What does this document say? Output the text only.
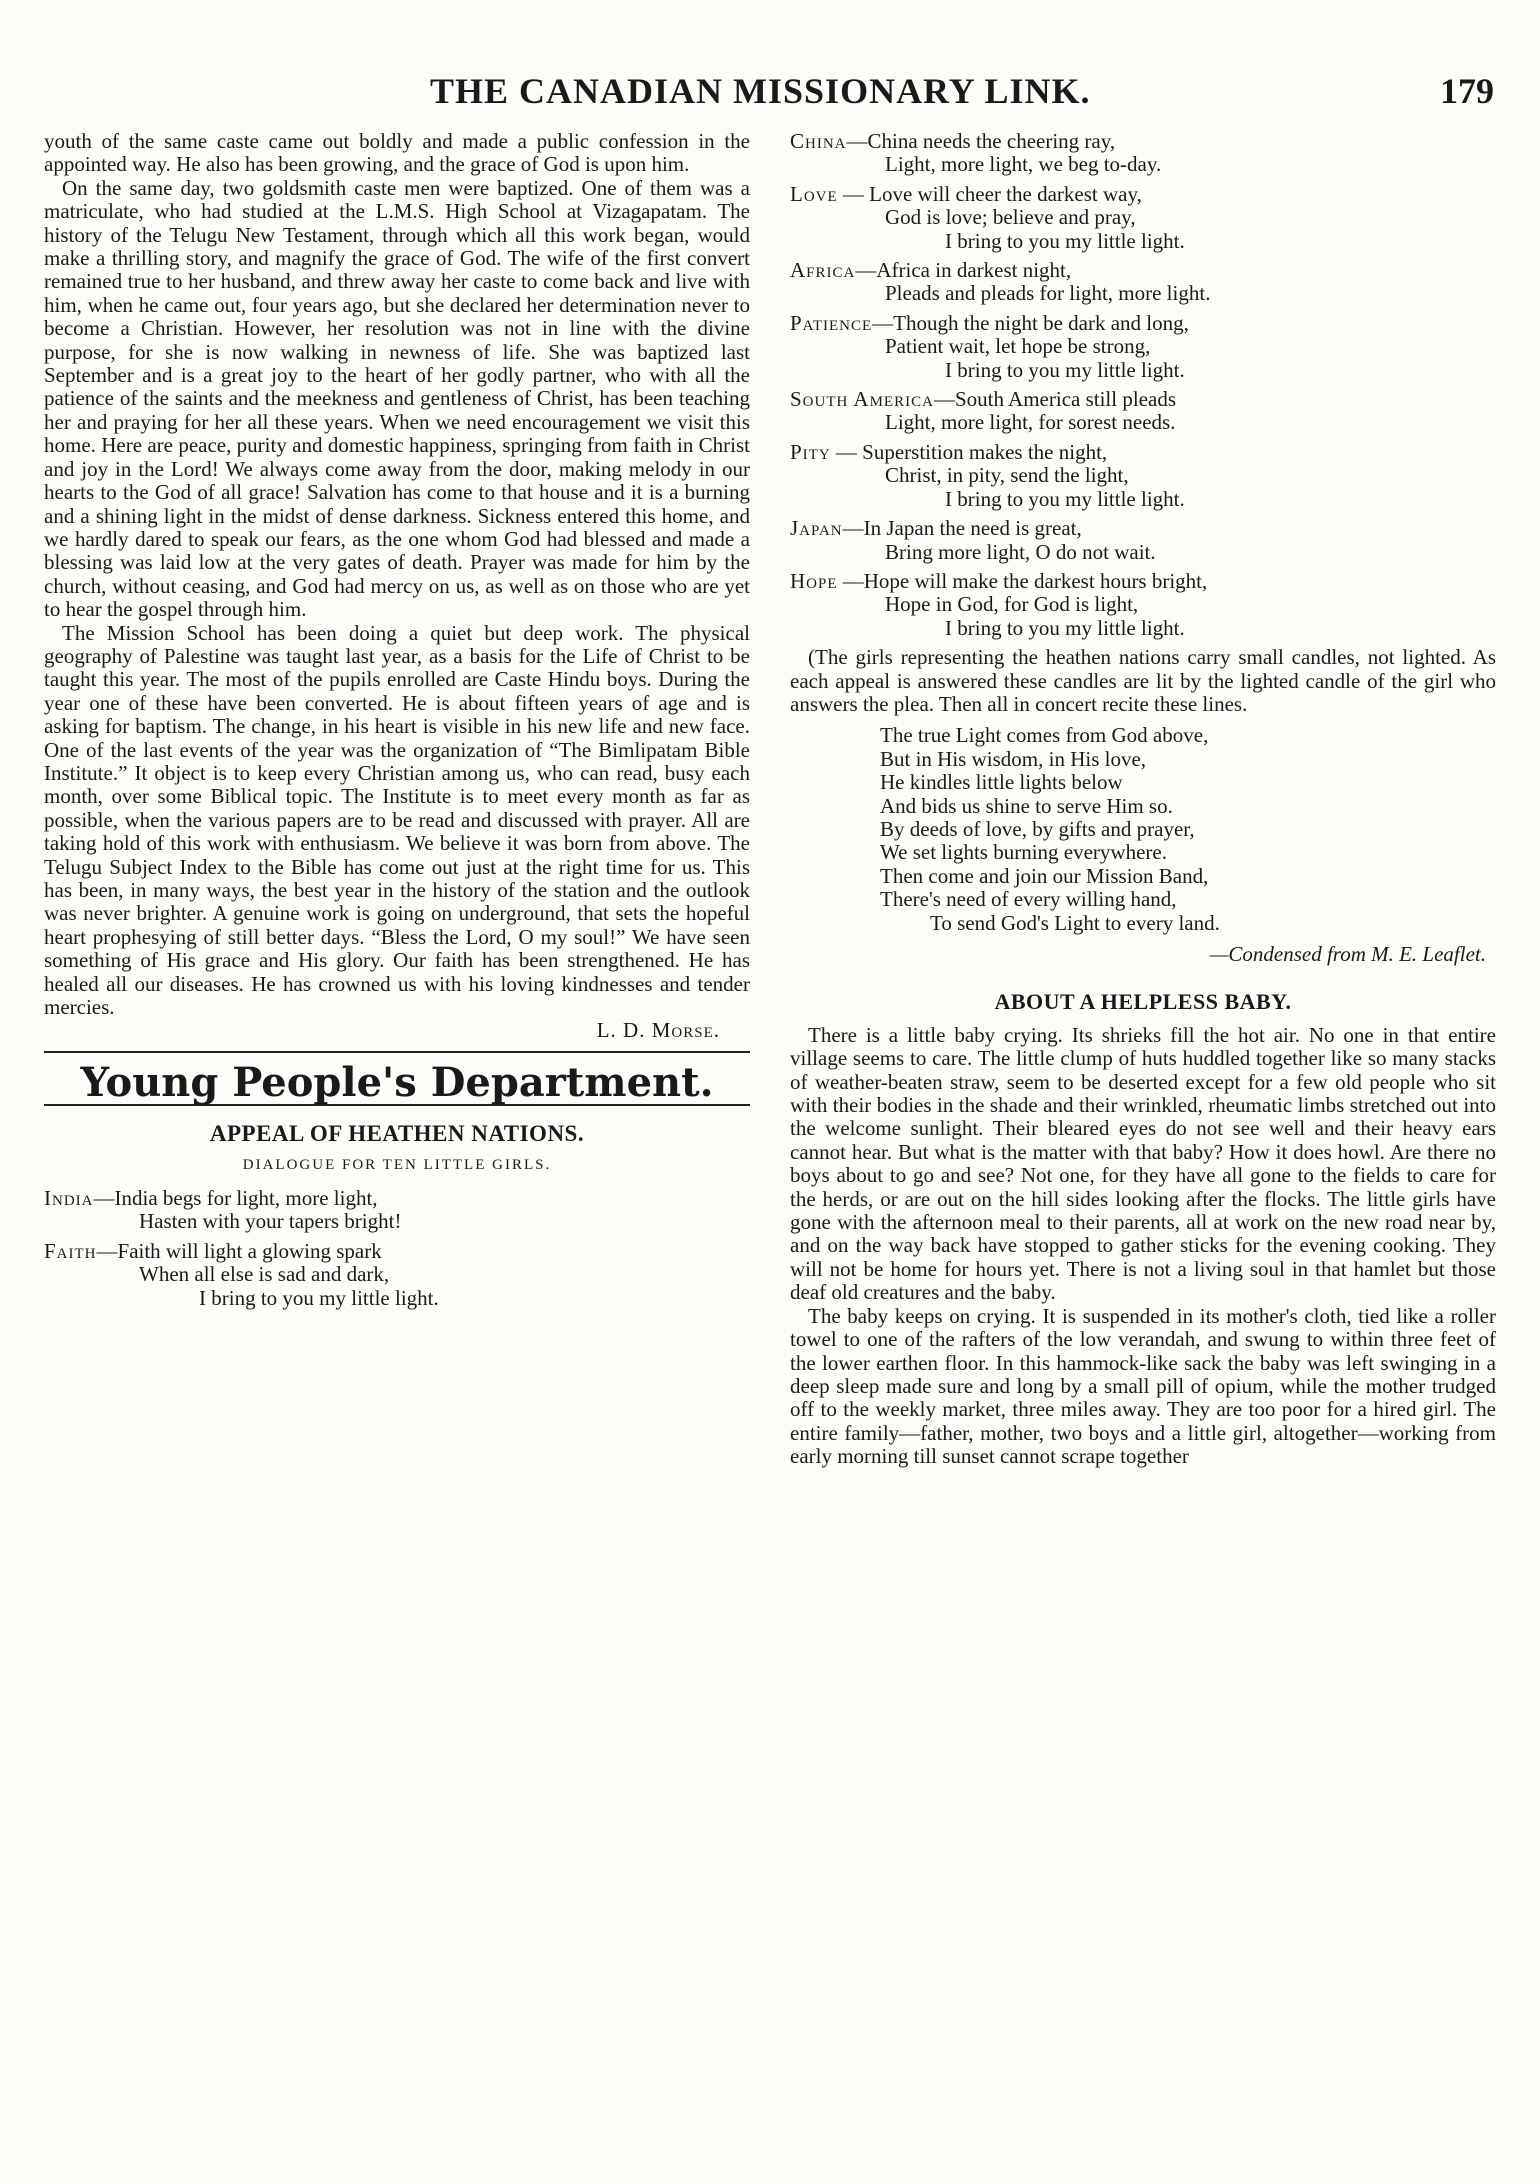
THE CANADIAN MISSIONARY LINK.	179

youth of the same caste came out boldly and made a public confession in the appointed way. He also has been growing, and the grace of God is upon him.

On the same day, two goldsmith caste men were baptized. One of them was a matriculate, who had studied at the L.M.S. High School at Vizagapatam. The history of the Telugu New Testament, through which all this work began, would make a thrilling story, and magnify the grace of God. The wife of the first convert remained true to her husband, and threw away her caste to come back and live with him, when he came out, four years ago, but she declared her determination never to become a Christian. However, her resolution was not in line with the divine purpose, for she is now walking in newness of life. She was baptized last September and is a great joy to the heart of her godly partner, who with all the patience of the saints and the meekness and gentleness of Christ, has been teaching her and praying for her all these years. When we need encouragement we visit this home. Here are peace, purity and domestic happiness, springing from faith in Christ and joy in the Lord! We always come away from the door, making melody in our hearts to the God of all grace! Salvation has come to that house and it is a burning and a shining light in the midst of dense darkness. Sickness entered this home, and we hardly dared to speak our fears, as the one whom God had blessed and made a blessing was laid low at the very gates of death. Prayer was made for him by the church, without ceasing, and God had mercy on us, as well as on those who are yet to hear the gospel through him.

The Mission School has been doing a quiet but deep work. The physical geography of Palestine was taught last year, as a basis for the Life of Christ to be taught this year. The most of the pupils enrolled are Caste Hindu boys. During the year one of these have been converted. He is about fifteen years of age and is asking for baptism. The change, in his heart is visible in his new life and new face. One of the last events of the year was the organization of “The Bimlipatam Bible Institute.” It object is to keep every Christian among us, who can read, busy each month, over some Biblical topic. The Institute is to meet every month as far as possible, when the various papers are to be read and discussed with prayer. All are taking hold of this work with enthusiasm. We believe it was born from above. The Telugu Subject Index to the Bible has come out just at the right time for us. This has been, in many ways, the best year in the history of the station and the outlook was never brighter. A genuine work is going on underground, that sets the hopeful heart prophesying of still better days. “Bless the Lord, O my soul!” We have seen something of His grace and His glory. Our faith has been strengthened. He has healed all our diseases. He has crowned us with his loving kindnesses and tender mercies.

L. D. Morse.
Young People's Department.
APPEAL OF HEATHEN NATIONS.
DIALOGUE FOR TEN LITTLE GIRLS.
India—India begs for light, more light,
Hasten with your tapers bright!
Faith—Faith will light a glowing spark
When all else is sad and dark,
I bring to you my little light.
China—China needs the cheering ray,
Light, more light, we beg to-day.
Love — Love will cheer the darkest way,
God is love; believe and pray,
I bring to you my little light.
Africa—Africa in darkest night,
Pleads and pleads for light, more light.
Patience—Though the night be dark and long,
Patient wait, let hope be strong,
I bring to you my little light.
South America—South America still pleads
Light, more light, for sorest needs.
Pity — Superstition makes the night,
Christ, in pity, send the light,
I bring to you my little light.
Japan—In Japan the need is great,
Bring more light, O do not wait.
Hope —Hope will make the darkest hours bright,
Hope in God, for God is light,
I bring to you my little light.

(The girls representing the heathen nations carry small candles, not lighted. As each appeal is answered these candles are lit by the lighted candle of the girl who answers the plea. Then all in concert recite these lines.

The true Light comes from God above,
But in His wisdom, in His love,
He kindles little lights below
And bids us shine to serve Him so.
By deeds of love, by gifts and prayer,
We set lights burning everywhere.
Then come and join our Mission Band,
There's need of every willing hand,
To send God's Light to every land.
—Condensed from M. E. Leaflet.
ABOUT A HELPLESS BABY.

There is a little baby crying. Its shrieks fill the hot air. No one in that entire village seems to care. The little clump of huts huddled together like so many stacks of weather-beaten straw, seem to be deserted except for a few old people who sit with their bodies in the shade and their wrinkled, rheumatic limbs stretched out into the welcome sunlight. Their bleared eyes do not see well and their heavy ears cannot hear. But what is the matter with that baby? How it does howl. Are there no boys about to go and see? Not one, for they have all gone to the fields to care for the herds, or are out on the hill sides looking after the flocks. The little girls have gone with the afternoon meal to their parents, all at work on the new road near by, and on the way back have stopped to gather sticks for the evening cooking. They will not be home for hours yet. There is not a living soul in that hamlet but those deaf old creatures and the baby.

The baby keeps on crying. It is suspended in its mother's cloth, tied like a roller towel to one of the rafters of the low verandah, and swung to within three feet of the lower earthen floor. In this hammock-like sack the baby was left swinging in a deep sleep made sure and long by a small pill of opium, while the mother trudged off to the weekly market, three miles away. They are too poor for a hired girl. The entire family—father, mother, two boys and a little girl, altogether—working from early morning till sunset cannot scrape together
